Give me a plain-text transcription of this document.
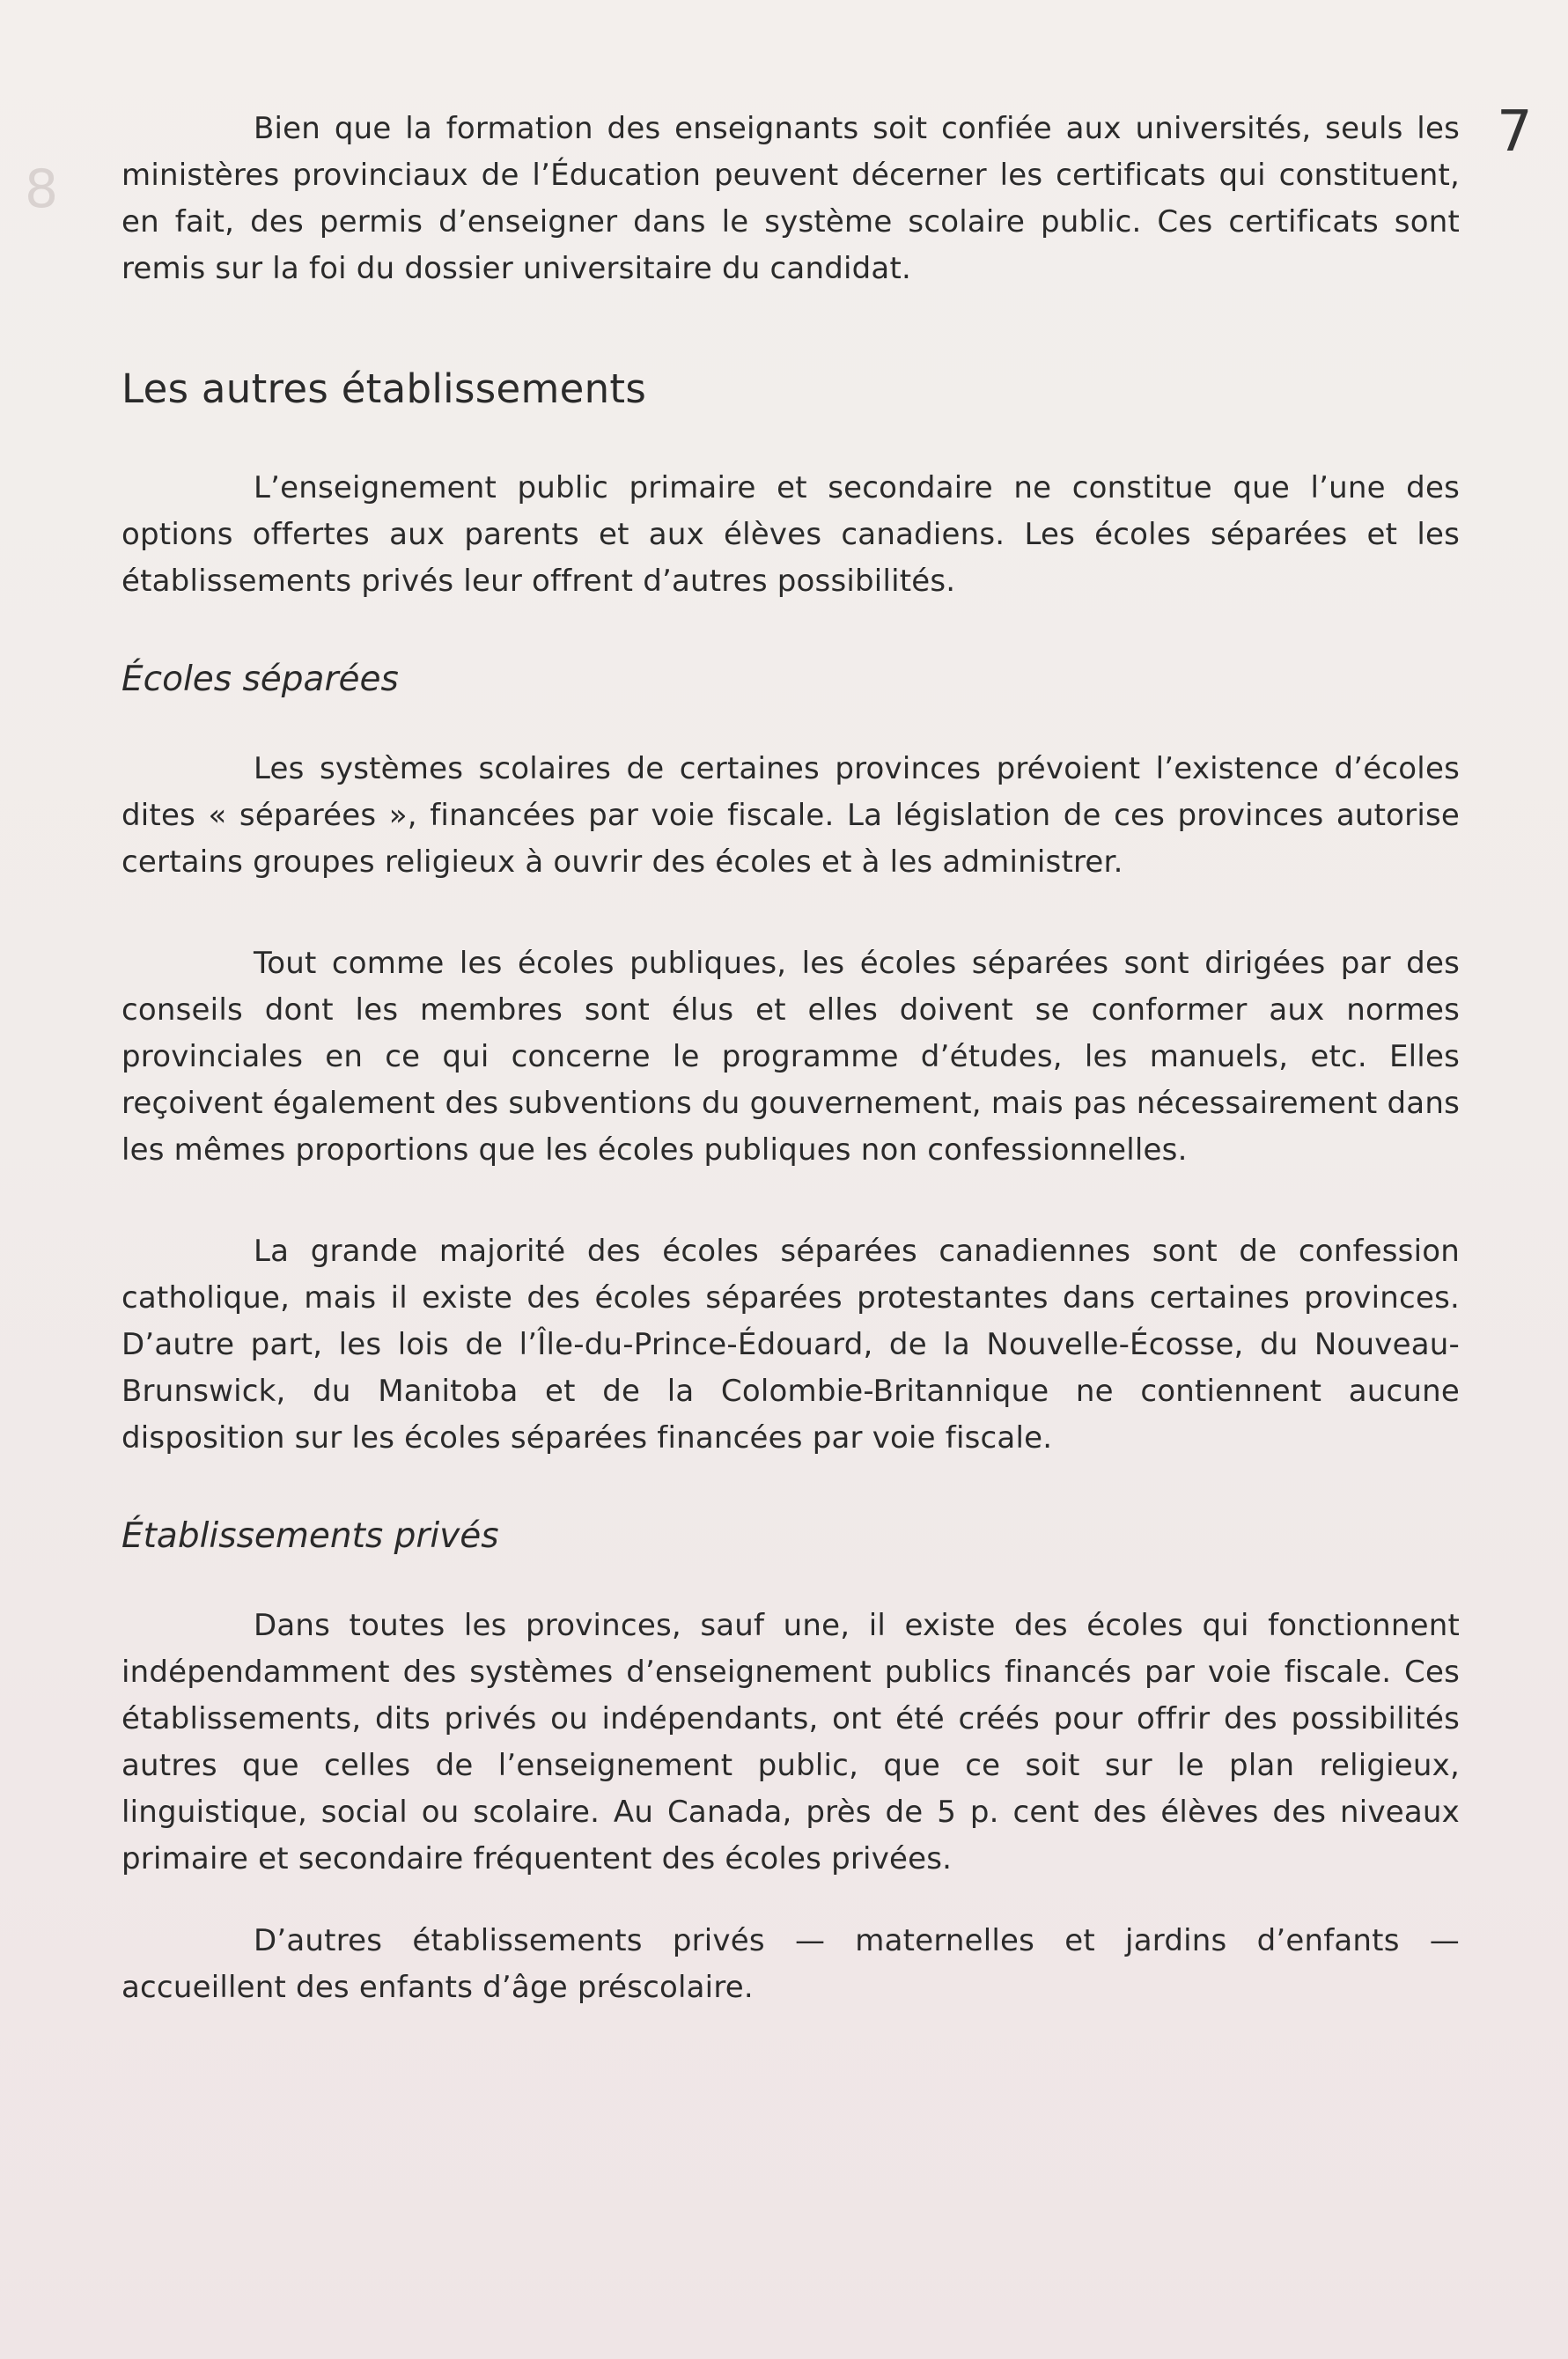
8
7

Bien que la formation des enseignants soit confiée aux universités, seuls les ministères provinciaux de l’Éducation peuvent décerner les certificats qui constituent, en fait, des permis d’enseigner dans le système scolaire public. Ces certificats sont remis sur la foi du dossier universitaire du candidat.

Les autres établissements

L’enseignement public primaire et secondaire ne constitue que l’une des options offertes aux parents et aux élèves canadiens. Les écoles séparées et les établissements privés leur offrent d’autres possibilités.

Écoles séparées

Les systèmes scolaires de certaines provinces prévoient l’existence d’écoles dites « séparées », financées par voie fiscale. La législation de ces provinces autorise certains groupes religieux à ouvrir des écoles et à les administrer.

Tout comme les écoles publiques, les écoles séparées sont dirigées par des conseils dont les membres sont élus et elles doivent se conformer aux normes provinciales en ce qui concerne le programme d’études, les manuels, etc. Elles reçoivent également des subventions du gouvernement, mais pas nécessairement dans les mêmes proportions que les écoles publiques non confessionnelles.

La grande majorité des écoles séparées canadiennes sont de confession catholique, mais il existe des écoles séparées protestantes dans certaines provinces. D’autre part, les lois de l’Île-du-Prince-Édouard, de la Nouvelle-Écosse, du Nouveau-Brunswick, du Manitoba et de la Colombie-Britannique ne contiennent aucune disposition sur les écoles séparées financées par voie fiscale.

Établissements privés

Dans toutes les provinces, sauf une, il existe des écoles qui fonctionnent indépendamment des systèmes d’enseignement publics financés par voie fiscale. Ces établissements, dits privés ou indépendants, ont été créés pour offrir des possibilités autres que celles de l’enseignement public, que ce soit sur le plan religieux, linguistique, social ou scolaire. Au Canada, près de 5 p. cent des élèves des niveaux primaire et secondaire fréquentent des écoles privées.

D’autres établissements privés — maternelles et jardins d’enfants — accueillent des enfants d’âge préscolaire.
